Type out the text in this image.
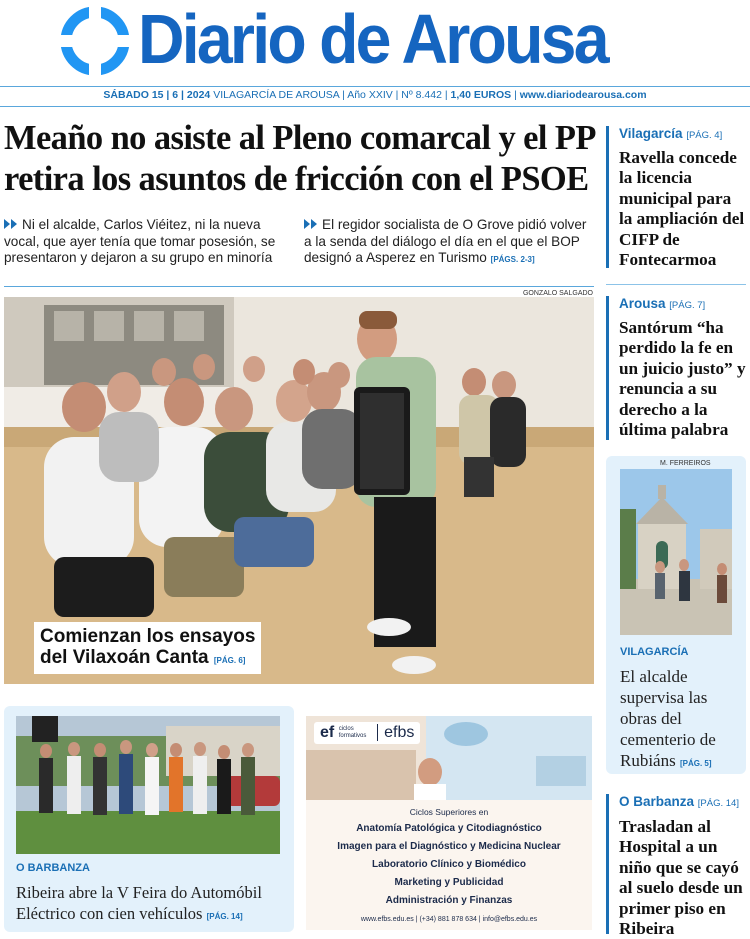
Diario de Arousa
SÁBADO 15 | 6 | 2024 VILAGARCÍA DE AROUSA | Año XXIV | Nº 8.442 | 1,40 EUROS | www.diariodearousa.com
Meaño no asiste al Pleno comarcal y el PP retira los asuntos de fricción con el PSOE
Ni el alcalde, Carlos Viéitez, ni la nueva vocal, que ayer tenía que tomar posesión, se presentaron y dejaron a su grupo en minoría
El regidor socialista de O Grove pidió volver a la senda del diálogo el día en el que el BOP designó a Asperez en Turismo [PÁGS. 2-3]
GONZALO SALGADO
Comienzan los ensayos
del Vilaxoán Canta [PÁG. 6]
Vilagarcía [PÁG. 4]
Ravella concede la licencia municipal para la ampliación del CIFP de Fontecarmoa
Arousa [PÁG. 7]
Santórum “ha perdido la fe en un juicio justo” y renuncia a su derecho a la última palabra
M. FERREIROS
VILAGARCÍA
El alcalde supervisa las obras del cementerio de Rubiáns [PÁG. 5]
O Barbanza [PÁG. 14]
Trasladan al Hospital a un niño que se cayó al suelo desde un primer piso en Ribeira
O BARBANZA
Ribeira abre la V Feira do Automóbil Eléctrico con cien vehículos [PÁG. 14]
ef ciclos formativos efbs
Ciclos Superiores en
Anatomía Patológica y Citodiagnóstico
Imagen para el Diagnóstico y Medicina Nuclear
Laboratorio Clínico y Biomédico
Marketing y Publicidad
Administración y Finanzas
www.efbs.edu.es | (+34) 881 878 634 | info@efbs.edu.es
